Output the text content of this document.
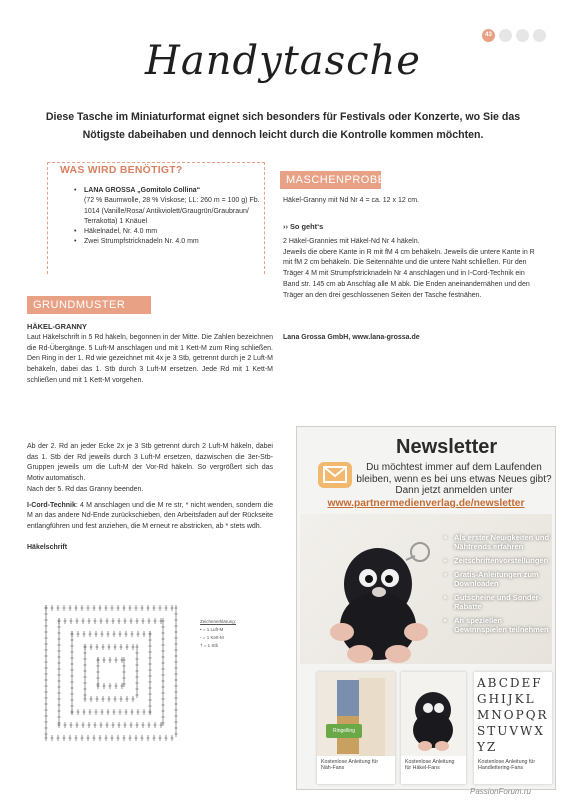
43
Handytasche
Diese Tasche im Miniaturformat eignet sich besonders für Festivals oder Konzerte, wo Sie das Nötigste dabeihaben und dennoch leicht durch die Kontrolle kommen möchten.
WAS WIRD BENÖTIGT?
• LANA GROSSA „Gomitolo Collina“
(72 % Baumwolle, 28 % Viskose; LL: 260 m = 100 g) Fb. 1014 (Vanille/Rosa/ Antikviolett/Graugrün/Graubraun/ Terrakotta) 1 Knäuel
• Häkelnadel, Nr. 4.0 mm
• Zwei Strumpfstricknadeln Nr. 4.0 mm
GRUNDMUSTER
HÄKEL-GRANNY
Laut Häkelschrift in 5 Rd häkeln, begonnen in der Mitte. Die Zahlen bezeichnen die Rd-Übergänge. 5 Luft-M anschlagen und mit 1 Kett-M zum Ring schließen. Den Ring in der 1. Rd wie gezeichnet mit 4x je 3 Stb, getrennt durch je 2 Luft-M behäkeln, dabei das 1. Stb durch 3 Luft-M ersetzen. Jede Rd mit 1 Kett-M schließen und mit 1 Kett-M vorgehen.
Ab der 2. Rd an jeder Ecke 2x je 3 Stb getrennt durch 2 Luft-M häkeln, dabei das 1. Stb der Rd jeweils durch 3 Luft-M ersetzen, dazwischen die 3er-Stb-Gruppen jeweils um die Luft-M der Vor-Rd häkeln. So vergrößert sich das Motiv automatisch.
Nach der 5. Rd das Granny beenden.

I-Cord-Technik: 4 M anschlagen und die M re str, * nicht wenden, sondern die M an das andere Nd-Ende zurückschieben, den Arbeitsfaden auf der Rückseite entlangführen und fest anziehen, die M erneut re abstricken, ab * stets wdh.
Häkelschrift
Zeichenerklärung:
• = 1 Luft-M
◦ = 1 Kett-M
† = 1 Stb
MASCHENPROBE
Häkel-Granny mit Nd Nr 4 = ca. 12 x 12 cm.
›› So geht‘s
2 Häkel-Grannies mit Häkel-Nd Nr 4 häkeln.
Jeweils die obere Kante in R mit fM 4 cm behäkeln. Jeweils die untere Kante in R mit fM 2 cm behäkeln. Die Seitennähte und die untere Naht schließen. Für den Träger 4 M mit Strumpfstricknadeln Nr 4 anschlagen und in I-Cord-Technik ein Band str. 145 cm ab Anschlag alle M abk. Die Enden aneinandernähen und den Träger an den drei geschlossenen Seiten der Tasche festnähen.
Lana Grossa GmbH, www.lana-grossa.de
Newsletter
Du möchtest immer auf dem Laufenden bleiben, wenn es bei uns etwas Neues gibt? Dann jetzt anmelden unter
www.partnermedienverlag.de/newsletter
• Als erster Neuigkeiten und Nähtrends erfahren
• Zeitschriftenvorstellungen
• Gratis-Anleitungen zum Downloaden
• Gutscheine und Sonder-Rabatte
• An speziellen Gewinnspielen teilnehmen
Kostenlose Anleitung für Näh-Fans
Kostenlose Anleitung für Häkel-Fans
ABCDEFGHIJKLMNOPQRSTUVWXYZ
Kostenlose Anleitung für Handlettering-Fans
Ringelling
PassionForum.ru
